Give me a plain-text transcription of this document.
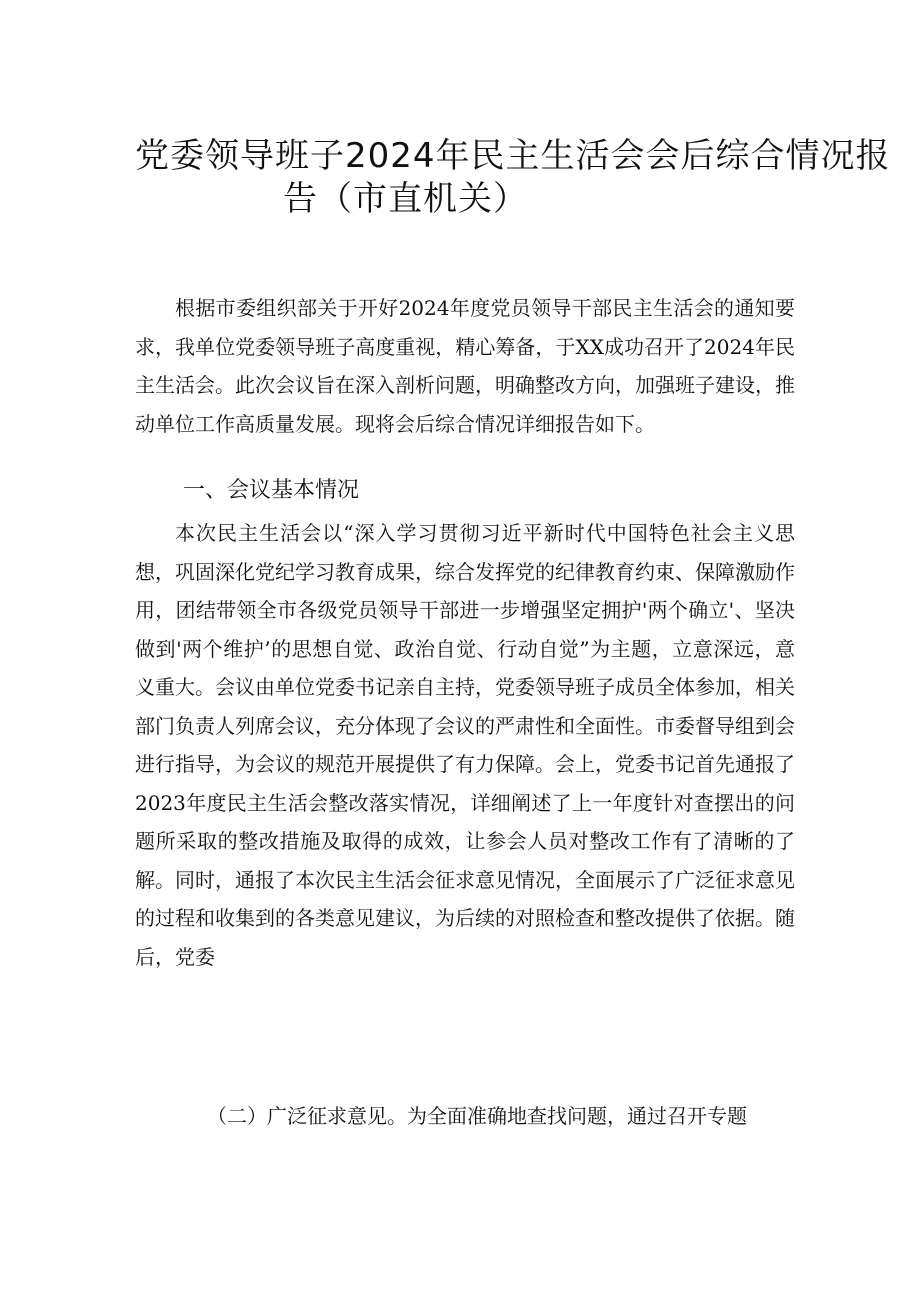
党委领导班子2024年民主生活会会后综合情况报
告（市直机关）

根据市委组织部关于开好2024年度党员领导干部民主生活会的通知要求，我单位党委领导班子高度重视，精心筹备，于XX成功召开了2024年民主生活会。此次会议旨在深入剖析问题，明确整改方向，加强班子建设，推动单位工作高质量发展。现将会后综合情况详细报告如下。

一、会议基本情况

本次民主生活会以“深入学习贯彻习近平新时代中国特色社会主义思想，巩固深化党纪学习教育成果，综合发挥党的纪律教育约束、保障激励作用，团结带领全市各级党员领导干部进一步增强坚定拥护'两个确立'、坚决做到'两个维护’的思想自觉、政治自觉、行动自觉”为主题，立意深远，意义重大。会议由单位党委书记亲自主持，党委领导班子成员全体参加，相关部门负责人列席会议，充分体现了会议的严肃性和全面性。市委督导组到会进行指导，为会议的规范开展提供了有力保障。会上，党委书记首先通报了2023年度民主生活会整改落实情况，详细阐述了上一年度针对查摆出的问题所采取的整改措施及取得的成效，让参会人员对整改工作有了清晰的了解。同时，通报了本次民主生活会征求意见情况，全面展示了广泛征求意见的过程和收集到的各类意见建议，为后续的对照检查和整改提供了依据。随后，党委

（二）广泛征求意见。为全面准确地查找问题，通过召开专题
